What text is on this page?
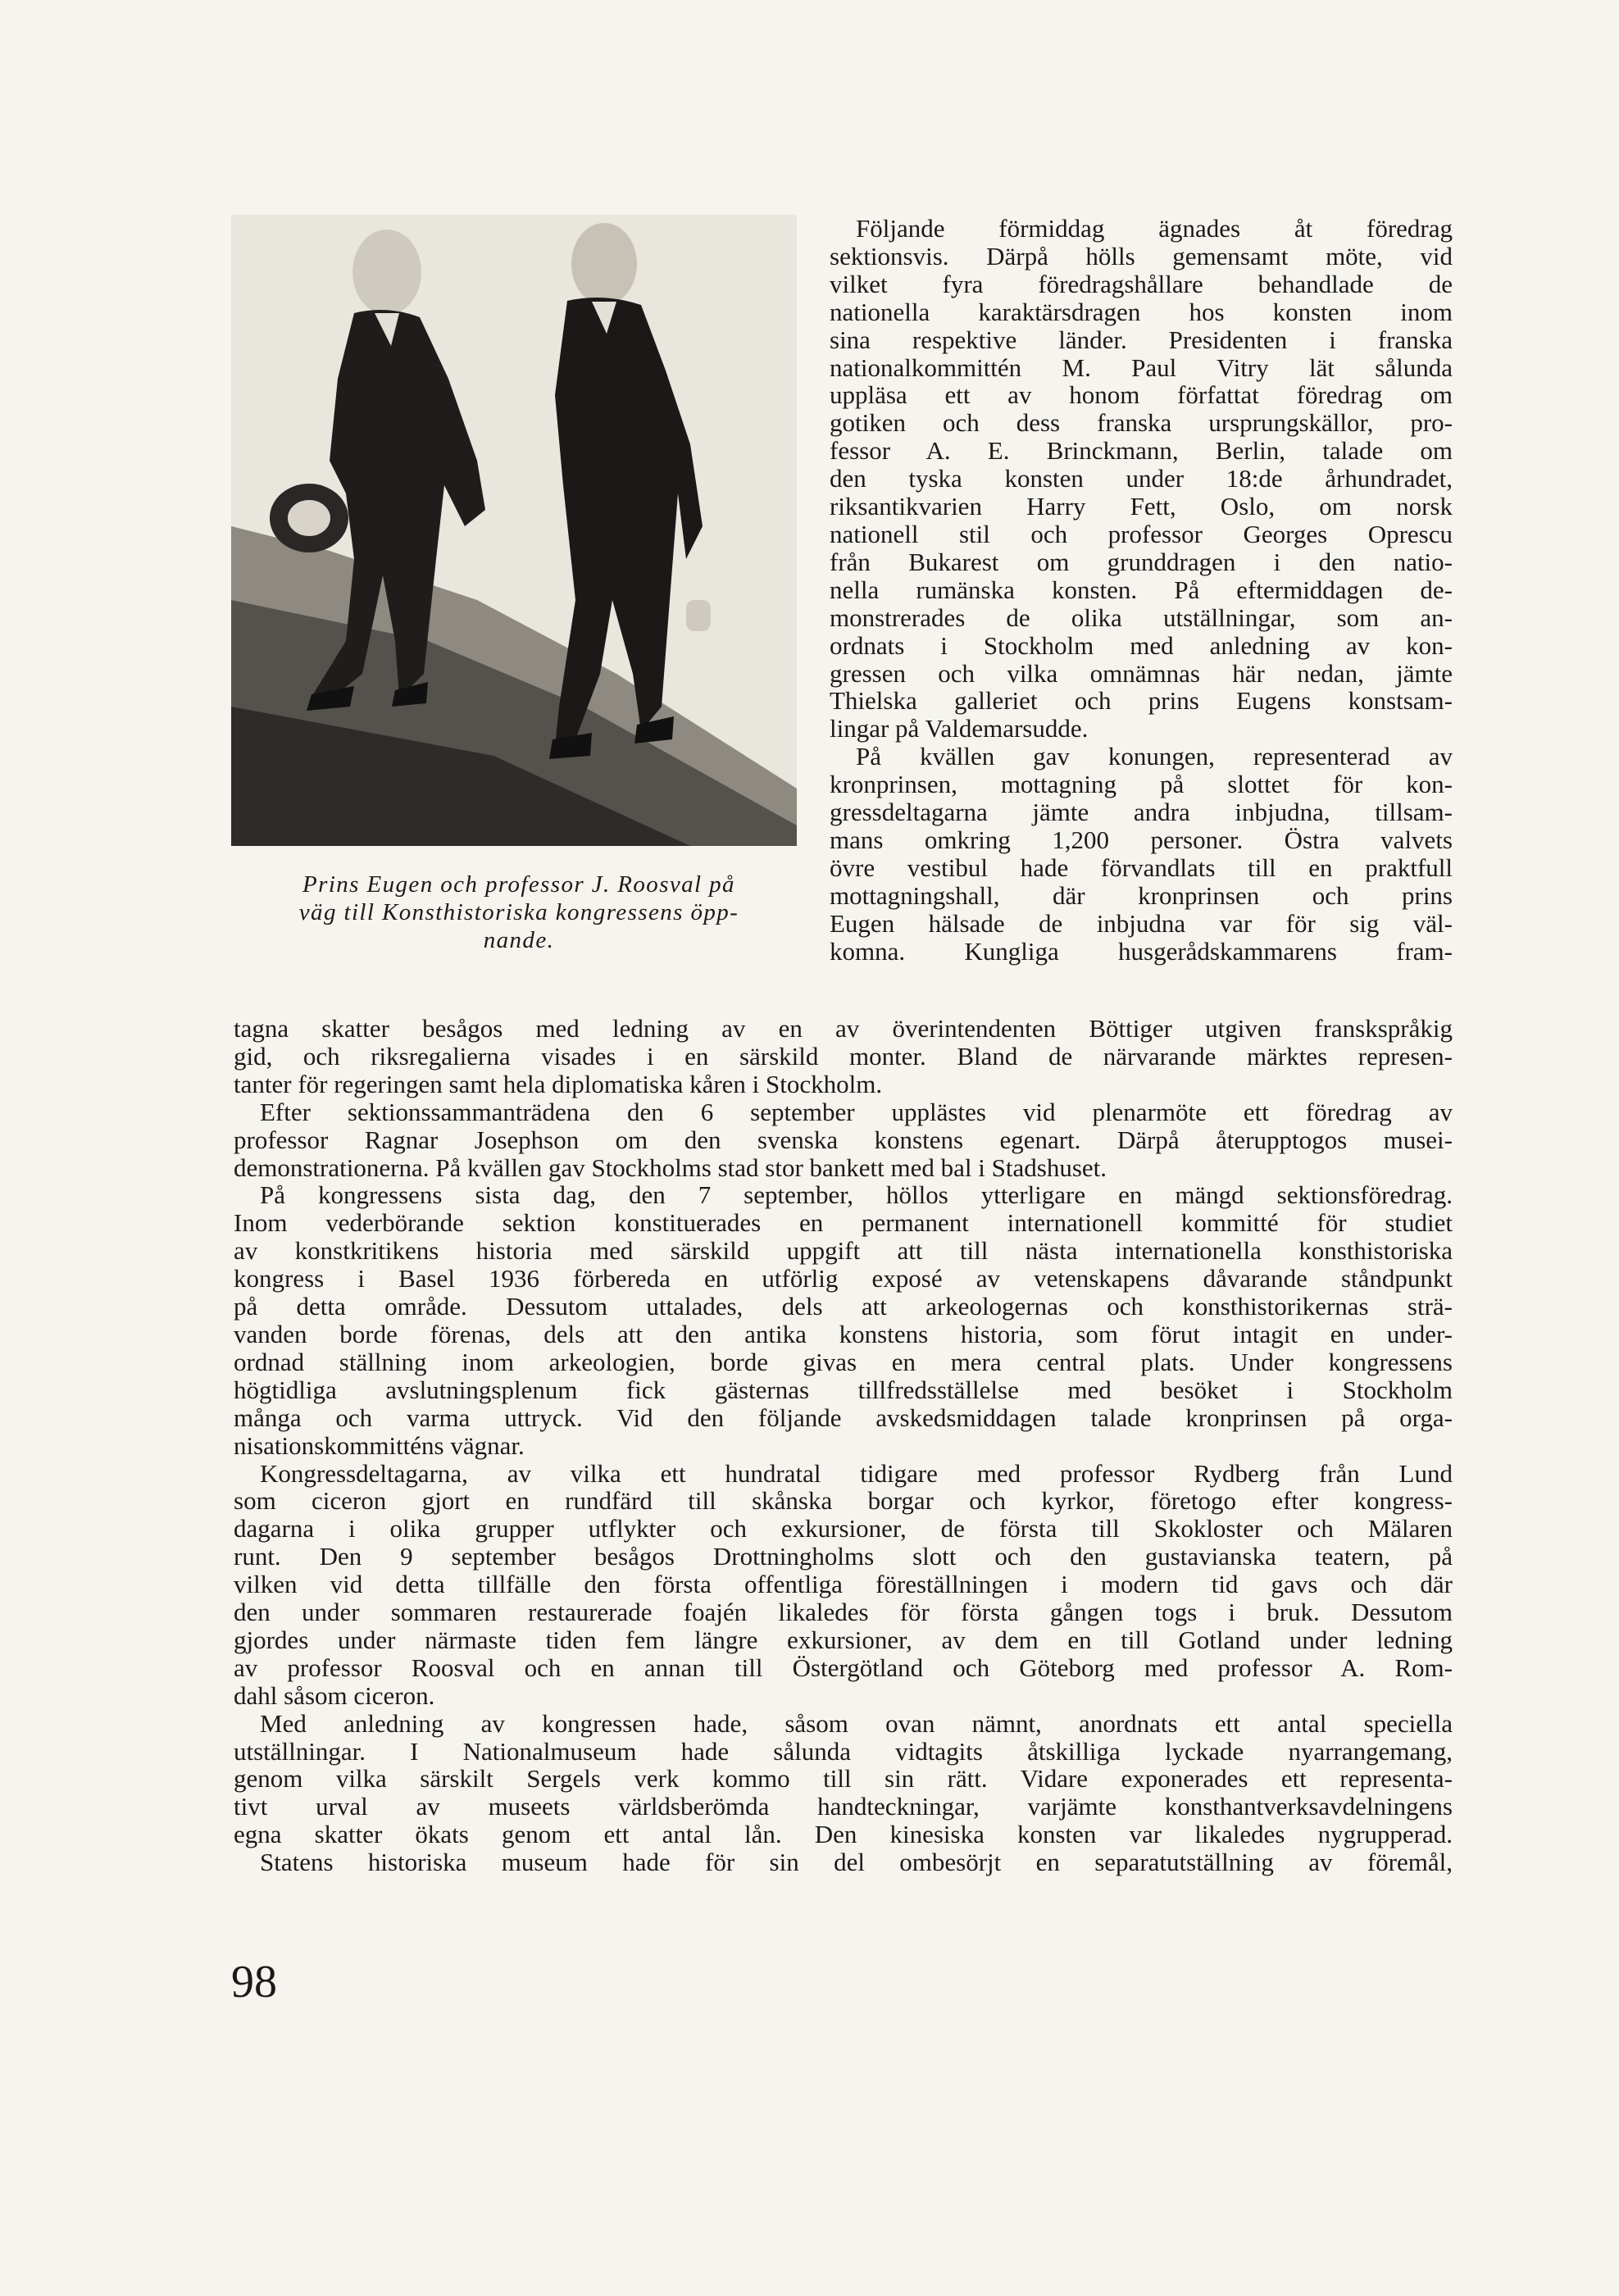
Prins Eugen och professor J. Roosval på
väg till Konsthistoriska kongressens öpp-
nande.
Följande förmiddag ägnades åt föredrag
sektionsvis. Därpå hölls gemensamt möte, vid
vilket fyra föredragshållare behandlade de
nationella karaktärsdragen hos konsten inom
sina respektive länder. Presidenten i franska
nationalkommittén M. Paul Vitry lät sålunda
uppläsa ett av honom författat föredrag om
gotiken och dess franska ursprungskällor, pro-
fessor A. E. Brinckmann, Berlin, talade om
den tyska konsten under 18:de århundradet,
riksantikvarien Harry Fett, Oslo, om norsk
nationell stil och professor Georges Oprescu
från Bukarest om grunddragen i den natio-
nella rumänska konsten. På eftermiddagen de-
monstrerades de olika utställningar, som an-
ordnats i Stockholm med anledning av kon-
gressen och vilka omnämnas här nedan, jämte
Thielska galleriet och prins Eugens konstsam-
lingar på Valdemarsudde.
På kvällen gav konungen, representerad av
kronprinsen, mottagning på slottet för kon-
gressdeltagarna jämte andra inbjudna, tillsam-
mans omkring 1,200 personer. Östra valvets
övre vestibul hade förvandlats till en praktfull
mottagningshall, där kronprinsen och prins
Eugen hälsade de inbjudna var för sig väl-
komna. Kungliga husgerådskammarens fram-
tagna skatter besågos med ledning av en av överintendenten Böttiger utgiven franskspråkig
gid, och riksregalierna visades i en särskild monter. Bland de närvarande märktes represen-
tanter för regeringen samt hela diplomatiska kåren i Stockholm.
Efter sektionssammanträdena den 6 september upplästes vid plenarmöte ett föredrag av
professor Ragnar Josephson om den svenska konstens egenart. Därpå återupptogos musei-
demonstrationerna. På kvällen gav Stockholms stad stor bankett med bal i Stadshuset.
På kongressens sista dag, den 7 september, höllos ytterligare en mängd sektionsföredrag.
Inom vederbörande sektion konstituerades en permanent internationell kommitté för studiet
av konstkritikens historia med särskild uppgift att till nästa internationella konsthistoriska
kongress i Basel 1936 förbereda en utförlig exposé av vetenskapens dåvarande ståndpunkt
på detta område. Dessutom uttalades, dels att arkeologernas och konsthistorikernas strä-
vanden borde förenas, dels att den antika konstens historia, som förut intagit en under-
ordnad ställning inom arkeologien, borde givas en mera central plats. Under kongressens
högtidliga avslutningsplenum fick gästernas tillfredsställelse med besöket i Stockholm
många och varma uttryck. Vid den följande avskedsmiddagen talade kronprinsen på orga-
nisationskommitténs vägnar.
Kongressdeltagarna, av vilka ett hundratal tidigare med professor Rydberg från Lund
som ciceron gjort en rundfärd till skånska borgar och kyrkor, företogo efter kongress-
dagarna i olika grupper utflykter och exkursioner, de första till Skokloster och Mälaren
runt. Den 9 september besågos Drottningholms slott och den gustavianska teatern, på
vilken vid detta tillfälle den första offentliga föreställningen i modern tid gavs och där
den under sommaren restaurerade foajén likaledes för första gången togs i bruk. Dessutom
gjordes under närmaste tiden fem längre exkursioner, av dem en till Gotland under ledning
av professor Roosval och en annan till Östergötland och Göteborg med professor A. Rom-
dahl såsom ciceron.
Med anledning av kongressen hade, såsom ovan nämnt, anordnats ett antal speciella
utställningar. I Nationalmuseum hade sålunda vidtagits åtskilliga lyckade nyarrangemang,
genom vilka särskilt Sergels verk kommo till sin rätt. Vidare exponerades ett representa-
tivt urval av museets världsberömda handteckningar, varjämte konsthantverksavdelningens
egna skatter ökats genom ett antal lån. Den kinesiska konsten var likaledes nygrupperad.
Statens historiska museum hade för sin del ombesörjt en separatutställning av föremål,
98
